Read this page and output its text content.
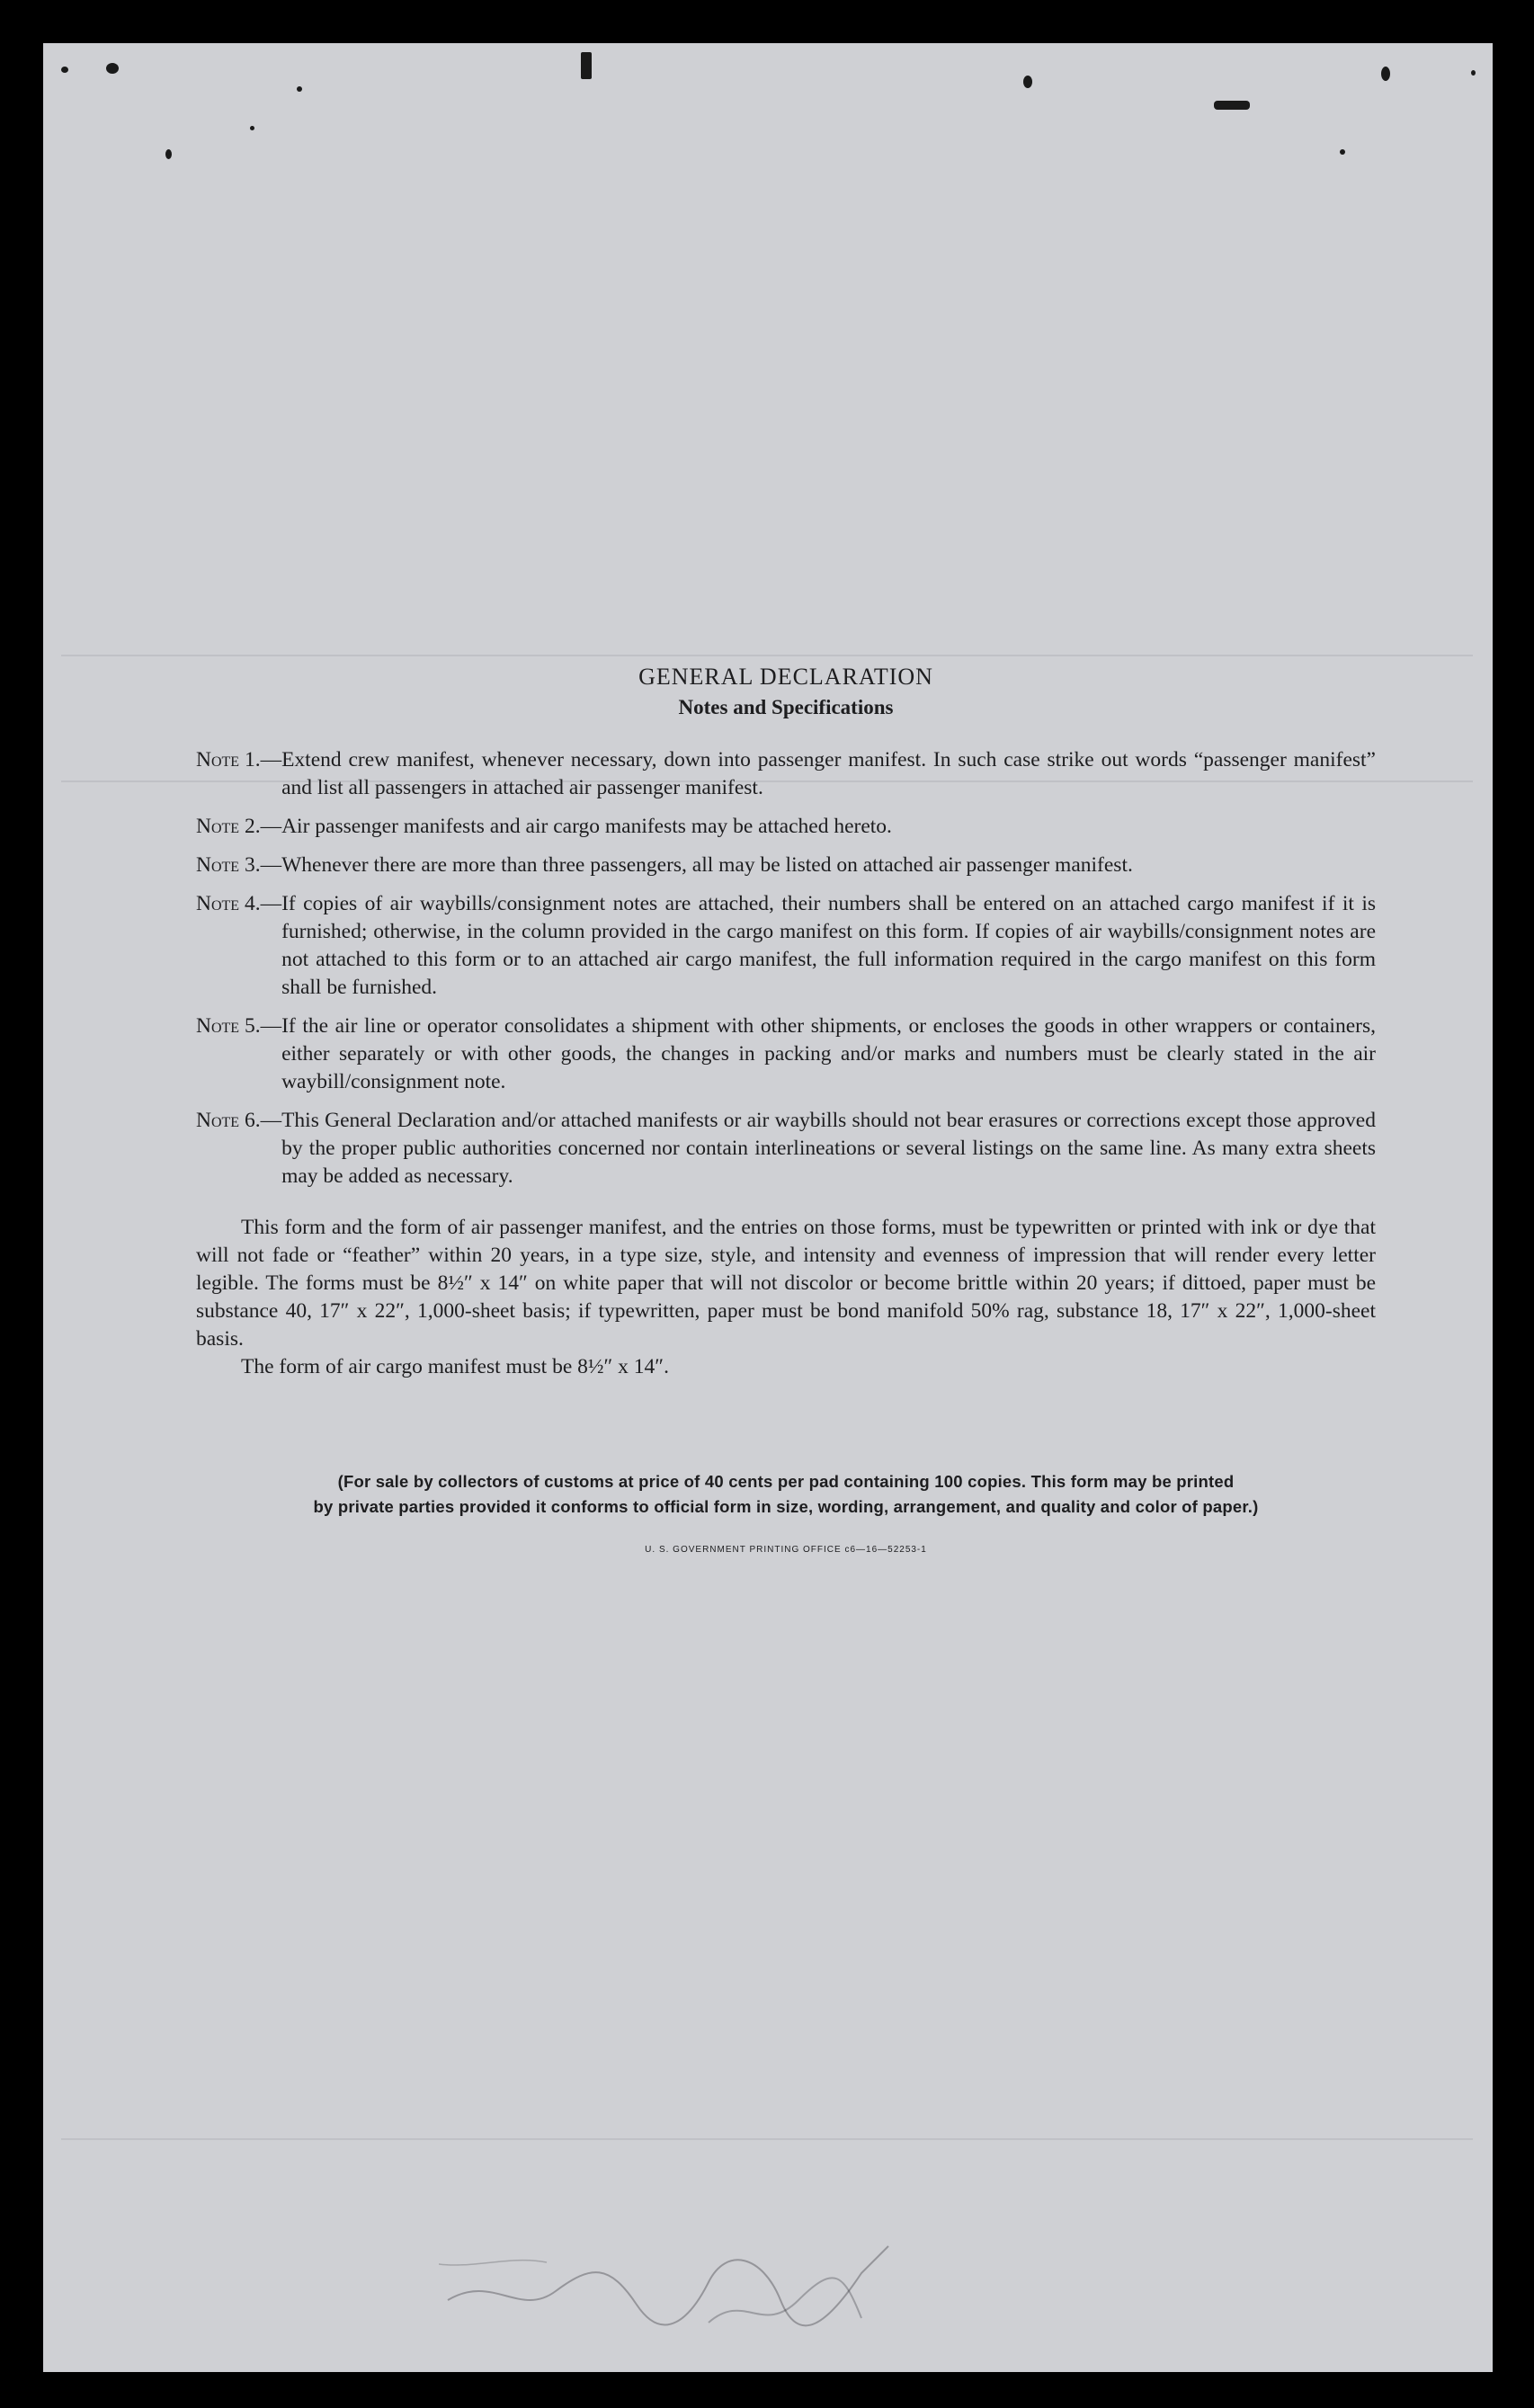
GENERAL DECLARATION
Notes and Specifications
Note 1.— Extend crew manifest, whenever necessary, down into passenger manifest. In such case strike out words “passenger manifest” and list all passengers in attached air passenger manifest.
Note 2.— Air passenger manifests and air cargo manifests may be attached hereto.
Note 3.— Whenever there are more than three passengers, all may be listed on attached air passenger manifest.
Note 4.— If copies of air waybills/consignment notes are attached, their numbers shall be entered on an attached cargo manifest if it is furnished; otherwise, in the column provided in the cargo manifest on this form. If copies of air waybills/consignment notes are not attached to this form or to an attached air cargo manifest, the full information required in the cargo manifest on this form shall be furnished.
Note 5.— If the air line or operator consolidates a shipment with other shipments, or encloses the goods in other wrappers or containers, either separately or with other goods, the changes in packing and/or marks and numbers must be clearly stated in the air waybill/consignment note.
Note 6.— This General Declaration and/or attached manifests or air waybills should not bear erasures or corrections except those approved by the proper public authorities concerned nor contain interlineations or several listings on the same line. As many extra sheets may be added as necessary.

This form and the form of air passenger manifest, and the entries on those forms, must be typewritten or printed with ink or dye that will not fade or “feather” within 20 years, in a type size, style, and intensity and evenness of impression that will render every letter legible. The forms must be 8½″ x 14″ on white paper that will not discolor or become brittle within 20 years; if dittoed, paper must be substance 40, 17″ x 22″, 1,000-sheet basis; if typewritten, paper must be bond manifold 50% rag, substance 18, 17″ x 22″, 1,000-sheet basis.

The form of air cargo manifest must be 8½″ x 14″.

(For sale by collectors of customs at price of 40 cents per pad containing 100 copies. This form may be printed
by private parties provided it conforms to official form in size, wording, arrangement, and quality and color of paper.)
U. S. GOVERNMENT PRINTING OFFICE c6—16—52253-1
